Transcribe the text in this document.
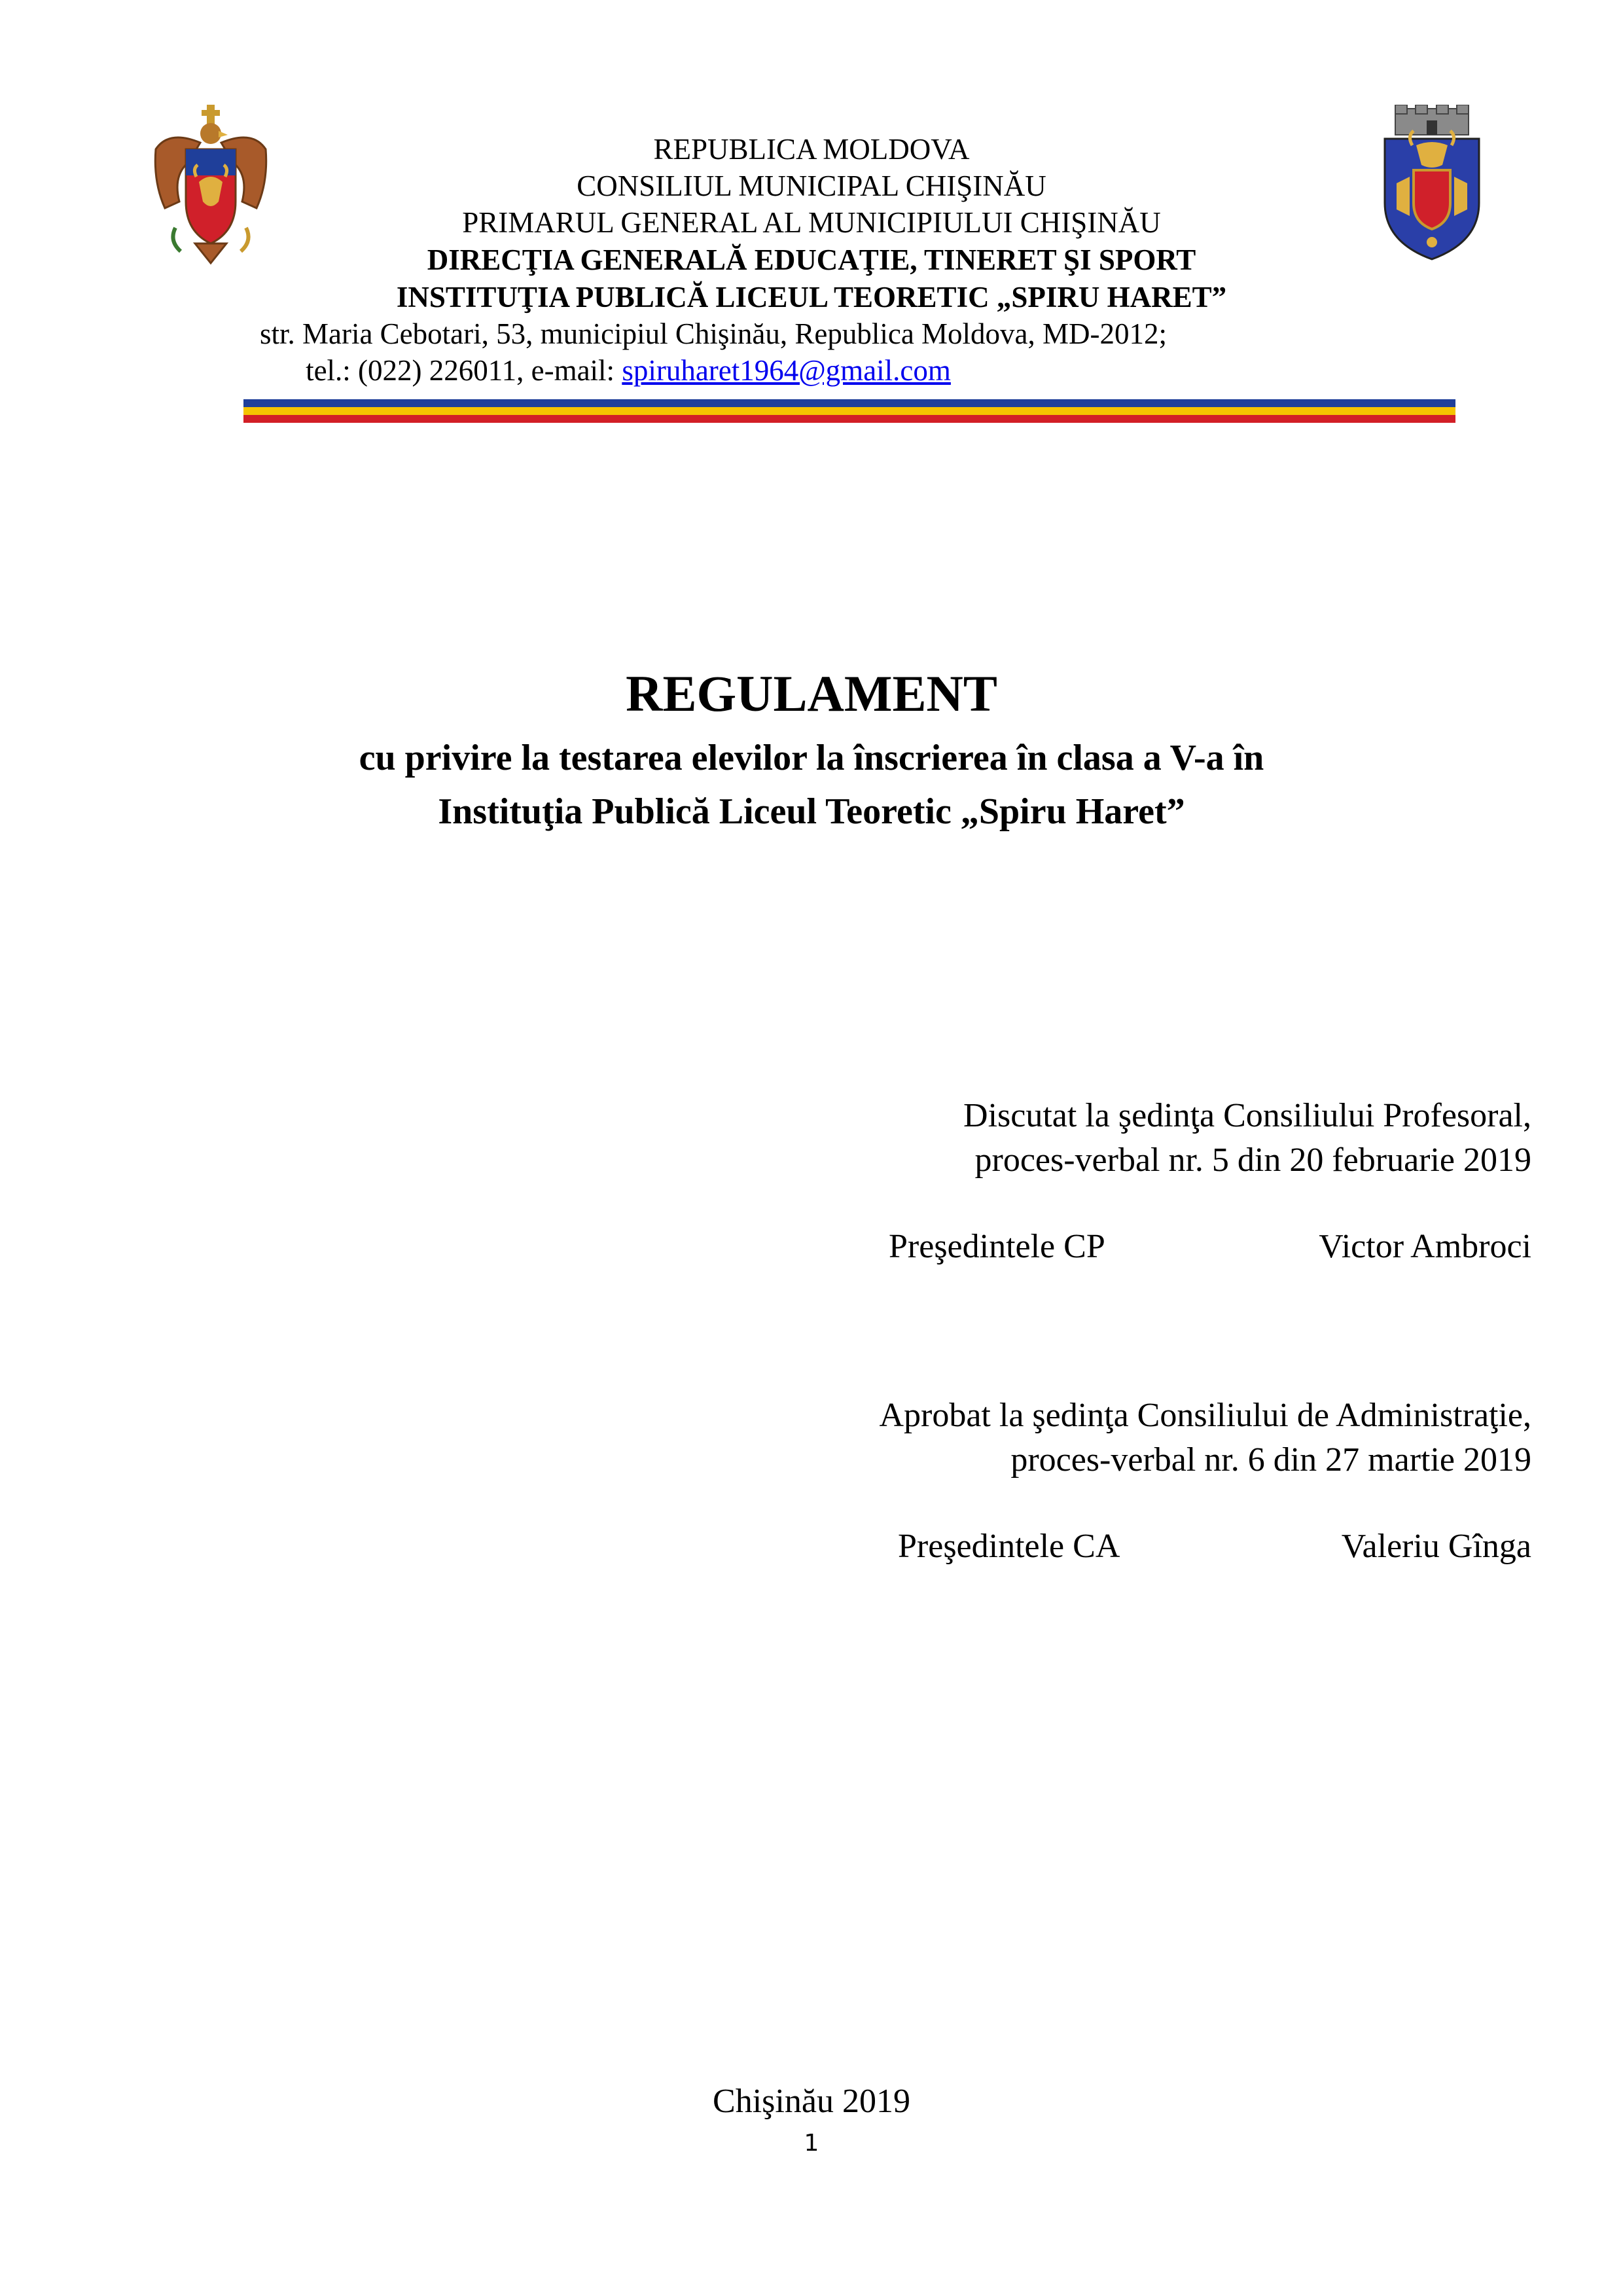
REPUBLICA MOLDOVA
CONSILIUL MUNICIPAL CHIŞINĂU
PRIMARUL GENERAL AL MUNICIPIULUI CHIŞINĂU
DIRECŢIA GENERALĂ EDUCAŢIE, TINERET ŞI SPORT
INSTITUŢIA PUBLICĂ LICEUL TEORETIC „SPIRU HARET”
str. Maria Cebotari, 53, municipiul Chişinău, Republica Moldova, MD-2012;
tel.: (022) 226011, e-mail: spiruharet1964@gmail.com
REGULAMENT
cu privire la testarea elevilor la înscrierea în clasa a V-a în
Instituţia Publică Liceul Teoretic „Spiru Haret”
Discutat la şedinţa Consiliului Profesoral,
proces-verbal nr. 5 din 20 februarie 2019
Preşedintele CP	Victor Ambroci
Aprobat la şedinţa Consiliului de Administraţie,
proces-verbal nr. 6 din 27 martie 2019
Preşedintele CA	Valeriu Gînga
Chişinău 2019
1
